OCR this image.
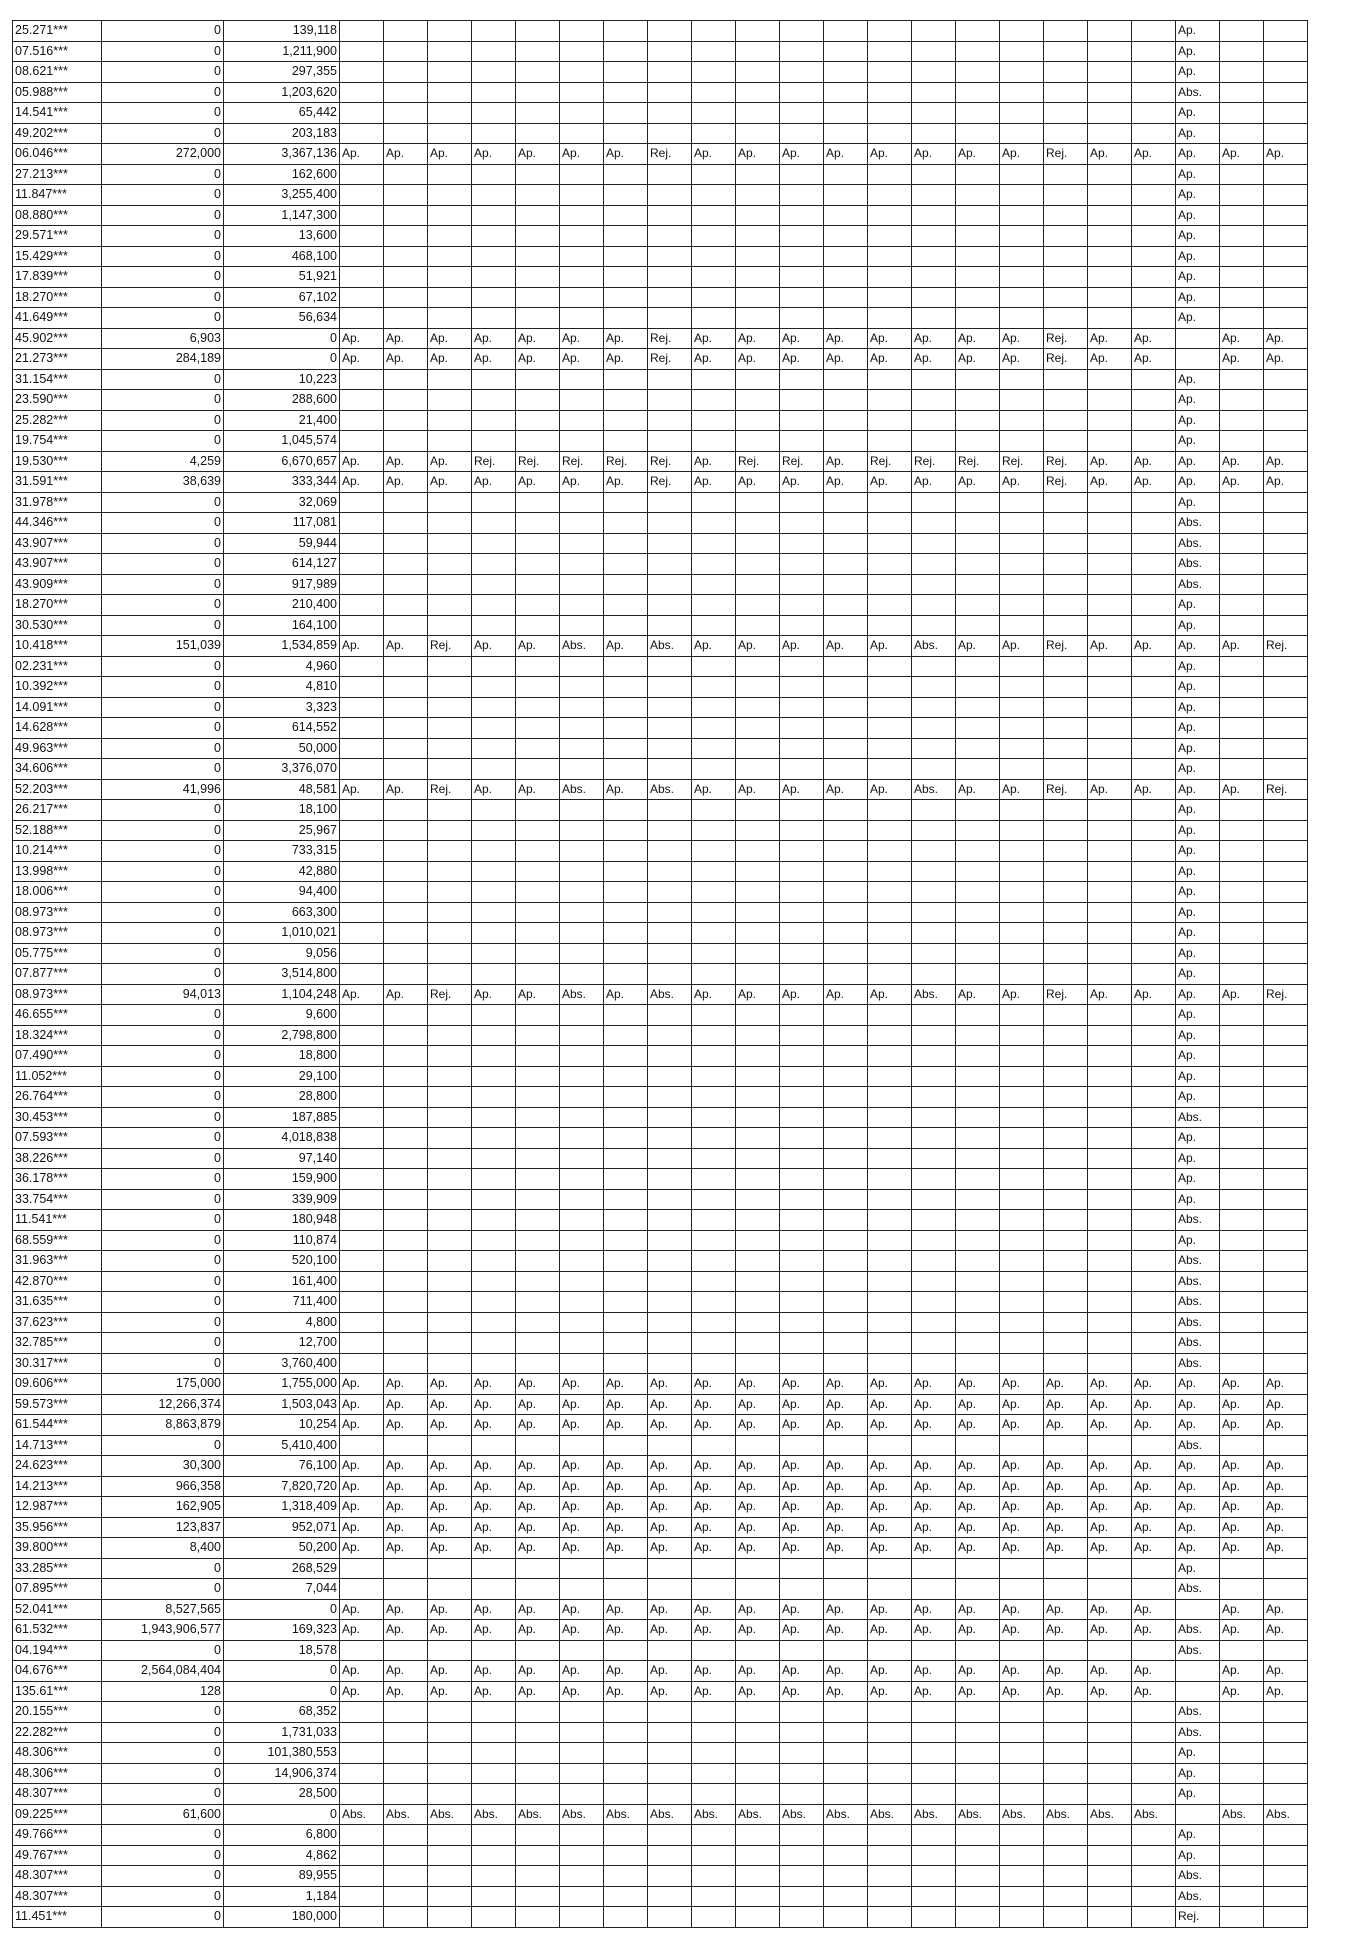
25.271***	0	139,118																				Ap.		
07.516***	0	1,211,900																				Ap.		
08.621***	0	297,355																				Ap.		
05.988***	0	1,203,620																				Abs.		
14.541***	0	65,442																				Ap.		
49.202***	0	203,183																				Ap.		
06.046***	272,000	3,367,136	Ap.	Ap.	Ap.	Ap.	Ap.	Ap.	Ap.	Rej.	Ap.	Ap.	Ap.	Ap.	Ap.	Ap.	Ap.	Ap.	Rej.	Ap.	Ap.	Ap.	Ap.	Ap.
27.213***	0	162,600																				Ap.		
11.847***	0	3,255,400																				Ap.		
08.880***	0	1,147,300																				Ap.		
29.571***	0	13,600																				Ap.		
15.429***	0	468,100																				Ap.		
17.839***	0	51,921																				Ap.		
18.270***	0	67,102																				Ap.		
41.649***	0	56,634																				Ap.		
45.902***	6,903	0	Ap.	Ap.	Ap.	Ap.	Ap.	Ap.	Ap.	Rej.	Ap.	Ap.	Ap.	Ap.	Ap.	Ap.	Ap.	Ap.	Rej.	Ap.	Ap.		Ap.	Ap.
21.273***	284,189	0	Ap.	Ap.	Ap.	Ap.	Ap.	Ap.	Ap.	Rej.	Ap.	Ap.	Ap.	Ap.	Ap.	Ap.	Ap.	Ap.	Rej.	Ap.	Ap.		Ap.	Ap.
31.154***	0	10,223																				Ap.		
23.590***	0	288,600																				Ap.		
25.282***	0	21,400																				Ap.		
19.754***	0	1,045,574																				Ap.		
19.530***	4,259	6,670,657	Ap.	Ap.	Ap.	Rej.	Rej.	Rej.	Rej.	Rej.	Ap.	Rej.	Rej.	Ap.	Rej.	Rej.	Rej.	Rej.	Rej.	Ap.	Ap.	Ap.	Ap.	Ap.
31.591***	38,639	333,344	Ap.	Ap.	Ap.	Ap.	Ap.	Ap.	Ap.	Rej.	Ap.	Ap.	Ap.	Ap.	Ap.	Ap.	Ap.	Ap.	Rej.	Ap.	Ap.	Ap.	Ap.	Ap.
31.978***	0	32,069																				Ap.		
44.346***	0	117,081																				Abs.		
43.907***	0	59,944																				Abs.		
43.907***	0	614,127																				Abs.		
43.909***	0	917,989																				Abs.		
18.270***	0	210,400																				Ap.		
30.530***	0	164,100																				Ap.		
10.418***	151,039	1,534,859	Ap.	Ap.	Rej.	Ap.	Ap.	Abs.	Ap.	Abs.	Ap.	Ap.	Ap.	Ap.	Ap.	Abs.	Ap.	Ap.	Rej.	Ap.	Ap.	Ap.	Ap.	Rej.
02.231***	0	4,960																				Ap.		
10.392***	0	4,810																				Ap.		
14.091***	0	3,323																				Ap.		
14.628***	0	614,552																				Ap.		
49.963***	0	50,000																				Ap.		
34.606***	0	3,376,070																				Ap.		
52.203***	41,996	48,581	Ap.	Ap.	Rej.	Ap.	Ap.	Abs.	Ap.	Abs.	Ap.	Ap.	Ap.	Ap.	Ap.	Abs.	Ap.	Ap.	Rej.	Ap.	Ap.	Ap.	Ap.	Rej.
26.217***	0	18,100																				Ap.		
52.188***	0	25,967																				Ap.		
10.214***	0	733,315																				Ap.		
13.998***	0	42,880																				Ap.		
18.006***	0	94,400																				Ap.		
08.973***	0	663,300																				Ap.		
08.973***	0	1,010,021																				Ap.		
05.775***	0	9,056																				Ap.		
07.877***	0	3,514,800																				Ap.		
08.973***	94,013	1,104,248	Ap.	Ap.	Rej.	Ap.	Ap.	Abs.	Ap.	Abs.	Ap.	Ap.	Ap.	Ap.	Ap.	Abs.	Ap.	Ap.	Rej.	Ap.	Ap.	Ap.	Ap.	Rej.
46.655***	0	9,600																				Ap.		
18.324***	0	2,798,800																				Ap.		
07.490***	0	18,800																				Ap.		
11.052***	0	29,100																				Ap.		
26.764***	0	28,800																				Ap.		
30.453***	0	187,885																				Abs.		
07.593***	0	4,018,838																				Ap.		
38.226***	0	97,140																				Ap.		
36.178***	0	159,900																				Ap.		
33.754***	0	339,909																				Ap.		
11.541***	0	180,948																				Abs.		
68.559***	0	110,874																				Ap.		
31.963***	0	520,100																				Abs.		
42.870***	0	161,400																				Abs.		
31.635***	0	711,400																				Abs.		
37.623***	0	4,800																				Abs.		
32.785***	0	12,700																				Abs.		
30.317***	0	3,760,400																				Abs.		
09.606***	175,000	1,755,000	Ap.	Ap.	Ap.	Ap.	Ap.	Ap.	Ap.	Ap.	Ap.	Ap.	Ap.	Ap.	Ap.	Ap.	Ap.	Ap.	Ap.	Ap.	Ap.	Ap.	Ap.	Ap.
59.573***	12,266,374	1,503,043	Ap.	Ap.	Ap.	Ap.	Ap.	Ap.	Ap.	Ap.	Ap.	Ap.	Ap.	Ap.	Ap.	Ap.	Ap.	Ap.	Ap.	Ap.	Ap.	Ap.	Ap.	Ap.
61.544***	8,863,879	10,254	Ap.	Ap.	Ap.	Ap.	Ap.	Ap.	Ap.	Ap.	Ap.	Ap.	Ap.	Ap.	Ap.	Ap.	Ap.	Ap.	Ap.	Ap.	Ap.	Ap.	Ap.	Ap.
14.713***	0	5,410,400																				Abs.		
24.623***	30,300	76,100	Ap.	Ap.	Ap.	Ap.	Ap.	Ap.	Ap.	Ap.	Ap.	Ap.	Ap.	Ap.	Ap.	Ap.	Ap.	Ap.	Ap.	Ap.	Ap.	Ap.	Ap.	Ap.
14.213***	966,358	7,820,720	Ap.	Ap.	Ap.	Ap.	Ap.	Ap.	Ap.	Ap.	Ap.	Ap.	Ap.	Ap.	Ap.	Ap.	Ap.	Ap.	Ap.	Ap.	Ap.	Ap.	Ap.	Ap.
12.987***	162,905	1,318,409	Ap.	Ap.	Ap.	Ap.	Ap.	Ap.	Ap.	Ap.	Ap.	Ap.	Ap.	Ap.	Ap.	Ap.	Ap.	Ap.	Ap.	Ap.	Ap.	Ap.	Ap.	Ap.
35.956***	123,837	952,071	Ap.	Ap.	Ap.	Ap.	Ap.	Ap.	Ap.	Ap.	Ap.	Ap.	Ap.	Ap.	Ap.	Ap.	Ap.	Ap.	Ap.	Ap.	Ap.	Ap.	Ap.	Ap.
39.800***	8,400	50,200	Ap.	Ap.	Ap.	Ap.	Ap.	Ap.	Ap.	Ap.	Ap.	Ap.	Ap.	Ap.	Ap.	Ap.	Ap.	Ap.	Ap.	Ap.	Ap.	Ap.	Ap.	Ap.
33.285***	0	268,529																				Ap.		
07.895***	0	7,044																				Abs.		
52.041***	8,527,565	0	Ap.	Ap.	Ap.	Ap.	Ap.	Ap.	Ap.	Ap.	Ap.	Ap.	Ap.	Ap.	Ap.	Ap.	Ap.	Ap.	Ap.	Ap.	Ap.		Ap.	Ap.
61.532***	1,943,906,577	169,323	Ap.	Ap.	Ap.	Ap.	Ap.	Ap.	Ap.	Ap.	Ap.	Ap.	Ap.	Ap.	Ap.	Ap.	Ap.	Ap.	Ap.	Ap.	Ap.	Abs.	Ap.	Ap.
04.194***	0	18,578																				Abs.		
04.676***	2,564,084,404	0	Ap.	Ap.	Ap.	Ap.	Ap.	Ap.	Ap.	Ap.	Ap.	Ap.	Ap.	Ap.	Ap.	Ap.	Ap.	Ap.	Ap.	Ap.	Ap.		Ap.	Ap.
135.61***	128	0	Ap.	Ap.	Ap.	Ap.	Ap.	Ap.	Ap.	Ap.	Ap.	Ap.	Ap.	Ap.	Ap.	Ap.	Ap.	Ap.	Ap.	Ap.	Ap.		Ap.	Ap.
20.155***	0	68,352																				Abs.		
22.282***	0	1,731,033																				Abs.		
48.306***	0	101,380,553																				Ap.		
48.306***	0	14,906,374																				Ap.		
48.307***	0	28,500																				Ap.		
09.225***	61,600	0	Abs.	Abs.	Abs.	Abs.	Abs.	Abs.	Abs.	Abs.	Abs.	Abs.	Abs.	Abs.	Abs.	Abs.	Abs.	Abs.	Abs.	Abs.	Abs.		Abs.	Abs.
49.766***	0	6,800																				Ap.		
49.767***	0	4,862																				Ap.		
48.307***	0	89,955																				Abs.		
48.307***	0	1,184																				Abs.		
11.451***	0	180,000																				Rej.		
